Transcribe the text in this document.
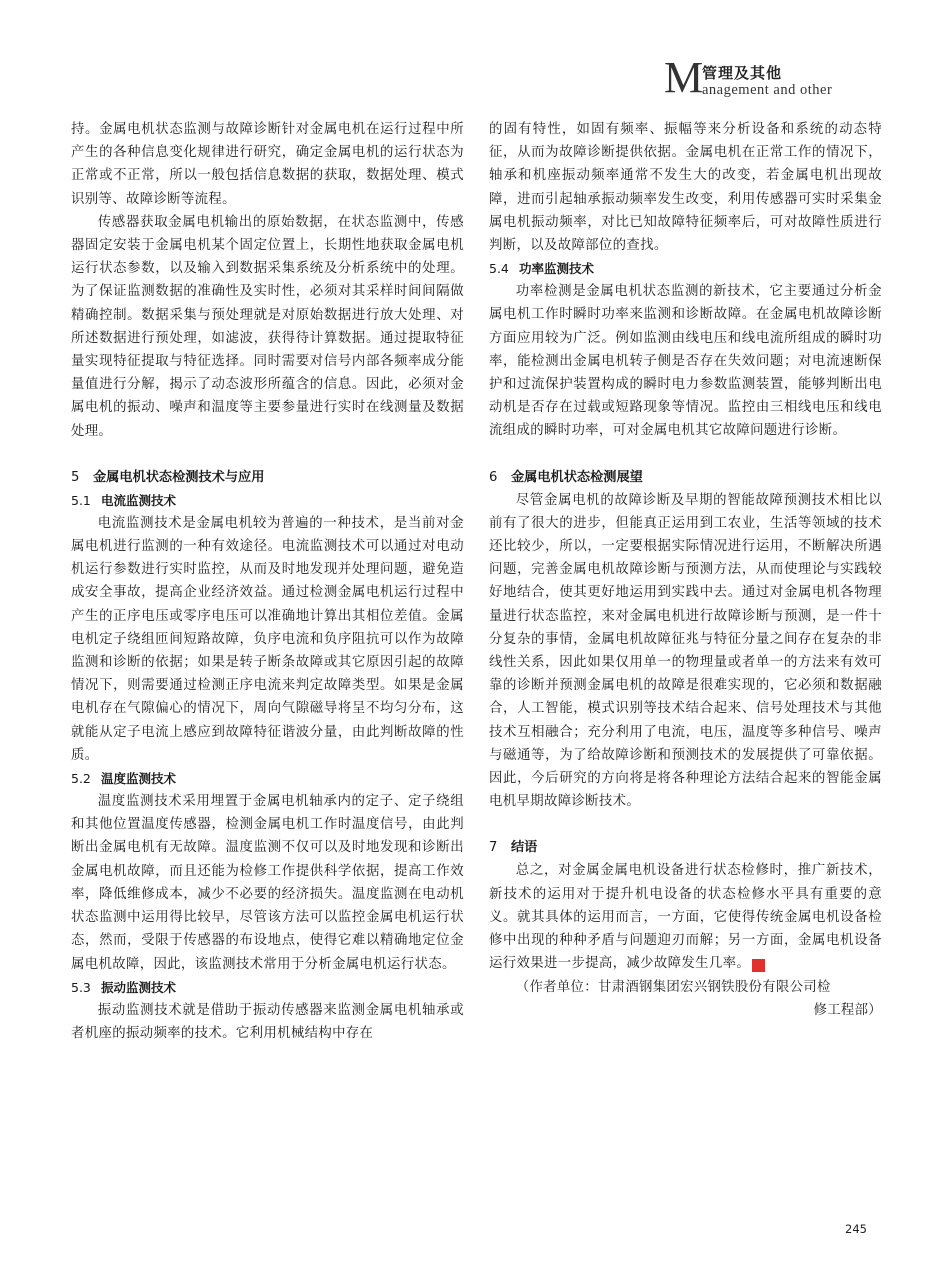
M
管理及其他
anagement and other

持。金属电机状态监测与故障诊断针对金属电机在运行过程中所产生的各种信息变化规律进行研究，确定金属电机的运行状态为正常或不正常，所以一般包括信息数据的获取，数据处理、模式识别等、故障诊断等流程。

传感器获取金属电机输出的原始数据，在状态监测中，传感器固定安装于金属电机某个固定位置上，长期性地获取金属电机运行状态参数，以及输入到数据采集系统及分析系统中的处理。为了保证监测数据的准确性及实时性，必须对其采样时间间隔做精确控制。数据采集与预处理就是对原始数据进行放大处理、对所述数据进行预处理，如滤波，获得待计算数据。通过提取特征量实现特征提取与特征选择。同时需要对信号内部各频率成分能量值进行分解，揭示了动态波形所蕴含的信息。因此，必须对金属电机的振动、噪声和温度等主要参量进行实时在线测量及数据处理。

5 金属电机状态检测技术与应用
5.1 电流监测技术

电流监测技术是金属电机较为普遍的一种技术，是当前对金属电机进行监测的一种有效途径。电流监测技术可以通过对电动机运行参数进行实时监控，从而及时地发现并处理问题，避免造成安全事故，提高企业经济效益。通过检测金属电机运行过程中产生的正序电压或零序电压可以准确地计算出其相位差值。金属电机定子绕组匝间短路故障，负序电流和负序阻抗可以作为故障监测和诊断的依据；如果是转子断条故障或其它原因引起的故障情况下，则需要通过检测正序电流来判定故障类型。如果是金属电机存在气隙偏心的情况下，周向气隙磁导将呈不均匀分布，这就能从定子电流上感应到故障特征谐波分量，由此判断故障的性质。

5.2 温度监测技术

温度监测技术采用埋置于金属电机轴承内的定子、定子绕组和其他位置温度传感器，检测金属电机工作时温度信号，由此判断出金属电机有无故障。温度监测不仅可以及时地发现和诊断出金属电机故障，而且还能为检修工作提供科学依据，提高工作效率，降低维修成本，减少不必要的经济损失。温度监测在电动机状态监测中运用得比较早，尽管该方法可以监控金属电机运行状态，然而，受限于传感器的布设地点，使得它难以精确地定位金属电机故障，因此，该监测技术常用于分析金属电机运行状态。

5.3 振动监测技术

振动监测技术就是借助于振动传感器来监测金属电机轴承或者机座的振动频率的技术。它利用机械结构中存在

的固有特性，如固有频率、振幅等来分析设备和系统的动态特征，从而为故障诊断提供依据。金属电机在正常工作的情况下，轴承和机座振动频率通常不发生大的改变，若金属电机出现故障，进而引起轴承振动频率发生改变，利用传感器可实时采集金属电机振动频率，对比已知故障特征频率后，可对故障性质进行判断，以及故障部位的查找。

5.4 功率监测技术

功率检测是金属电机状态监测的新技术，它主要通过分析金属电机工作时瞬时功率来监测和诊断故障。在金属电机故障诊断方面应用较为广泛。例如监测由线电压和线电流所组成的瞬时功率，能检测出金属电机转子侧是否存在失效问题；对电流速断保护和过流保护装置构成的瞬时电力参数监测装置，能够判断出电动机是否存在过载或短路现象等情况。监控由三相线电压和线电流组成的瞬时功率，可对金属电机其它故障问题进行诊断。

6 金属电机状态检测展望

尽管金属电机的故障诊断及早期的智能故障预测技术相比以前有了很大的进步，但能真正运用到工农业，生活等领域的技术还比较少，所以，一定要根据实际情况进行运用，不断解决所遇问题，完善金属电机故障诊断与预测方法，从而使理论与实践较好地结合，使其更好地运用到实践中去。通过对金属电机各物理量进行状态监控，来对金属电机进行故障诊断与预测，是一件十分复杂的事情，金属电机故障征兆与特征分量之间存在复杂的非线性关系，因此如果仅用单一的物理量或者单一的方法来有效可靠的诊断并预测金属电机的故障是很难实现的，它必须和数据融合，人工智能，模式识别等技术结合起来、信号处理技术与其他技术互相融合；充分利用了电流，电压，温度等多种信号、噪声与磁通等，为了给故障诊断和预测技术的发展提供了可靠依据。因此，今后研究的方向将是将各种理论方法结合起来的智能金属电机早期故障诊断技术。

7 结语

总之，对金属金属电机设备进行状态检修时，推广新技术，新技术的运用对于提升机电设备的状态检修水平具有重要的意义。就其具体的运用而言，一方面，它使得传统金属电机设备检修中出现的种种矛盾与问题迎刃而解；另一方面，金属电机设备运行效果进一步提高，减少故障发生几率。	通

（作者单位：甘肃酒钢集团宏兴钢铁股份有限公司检
修工程部）
245
